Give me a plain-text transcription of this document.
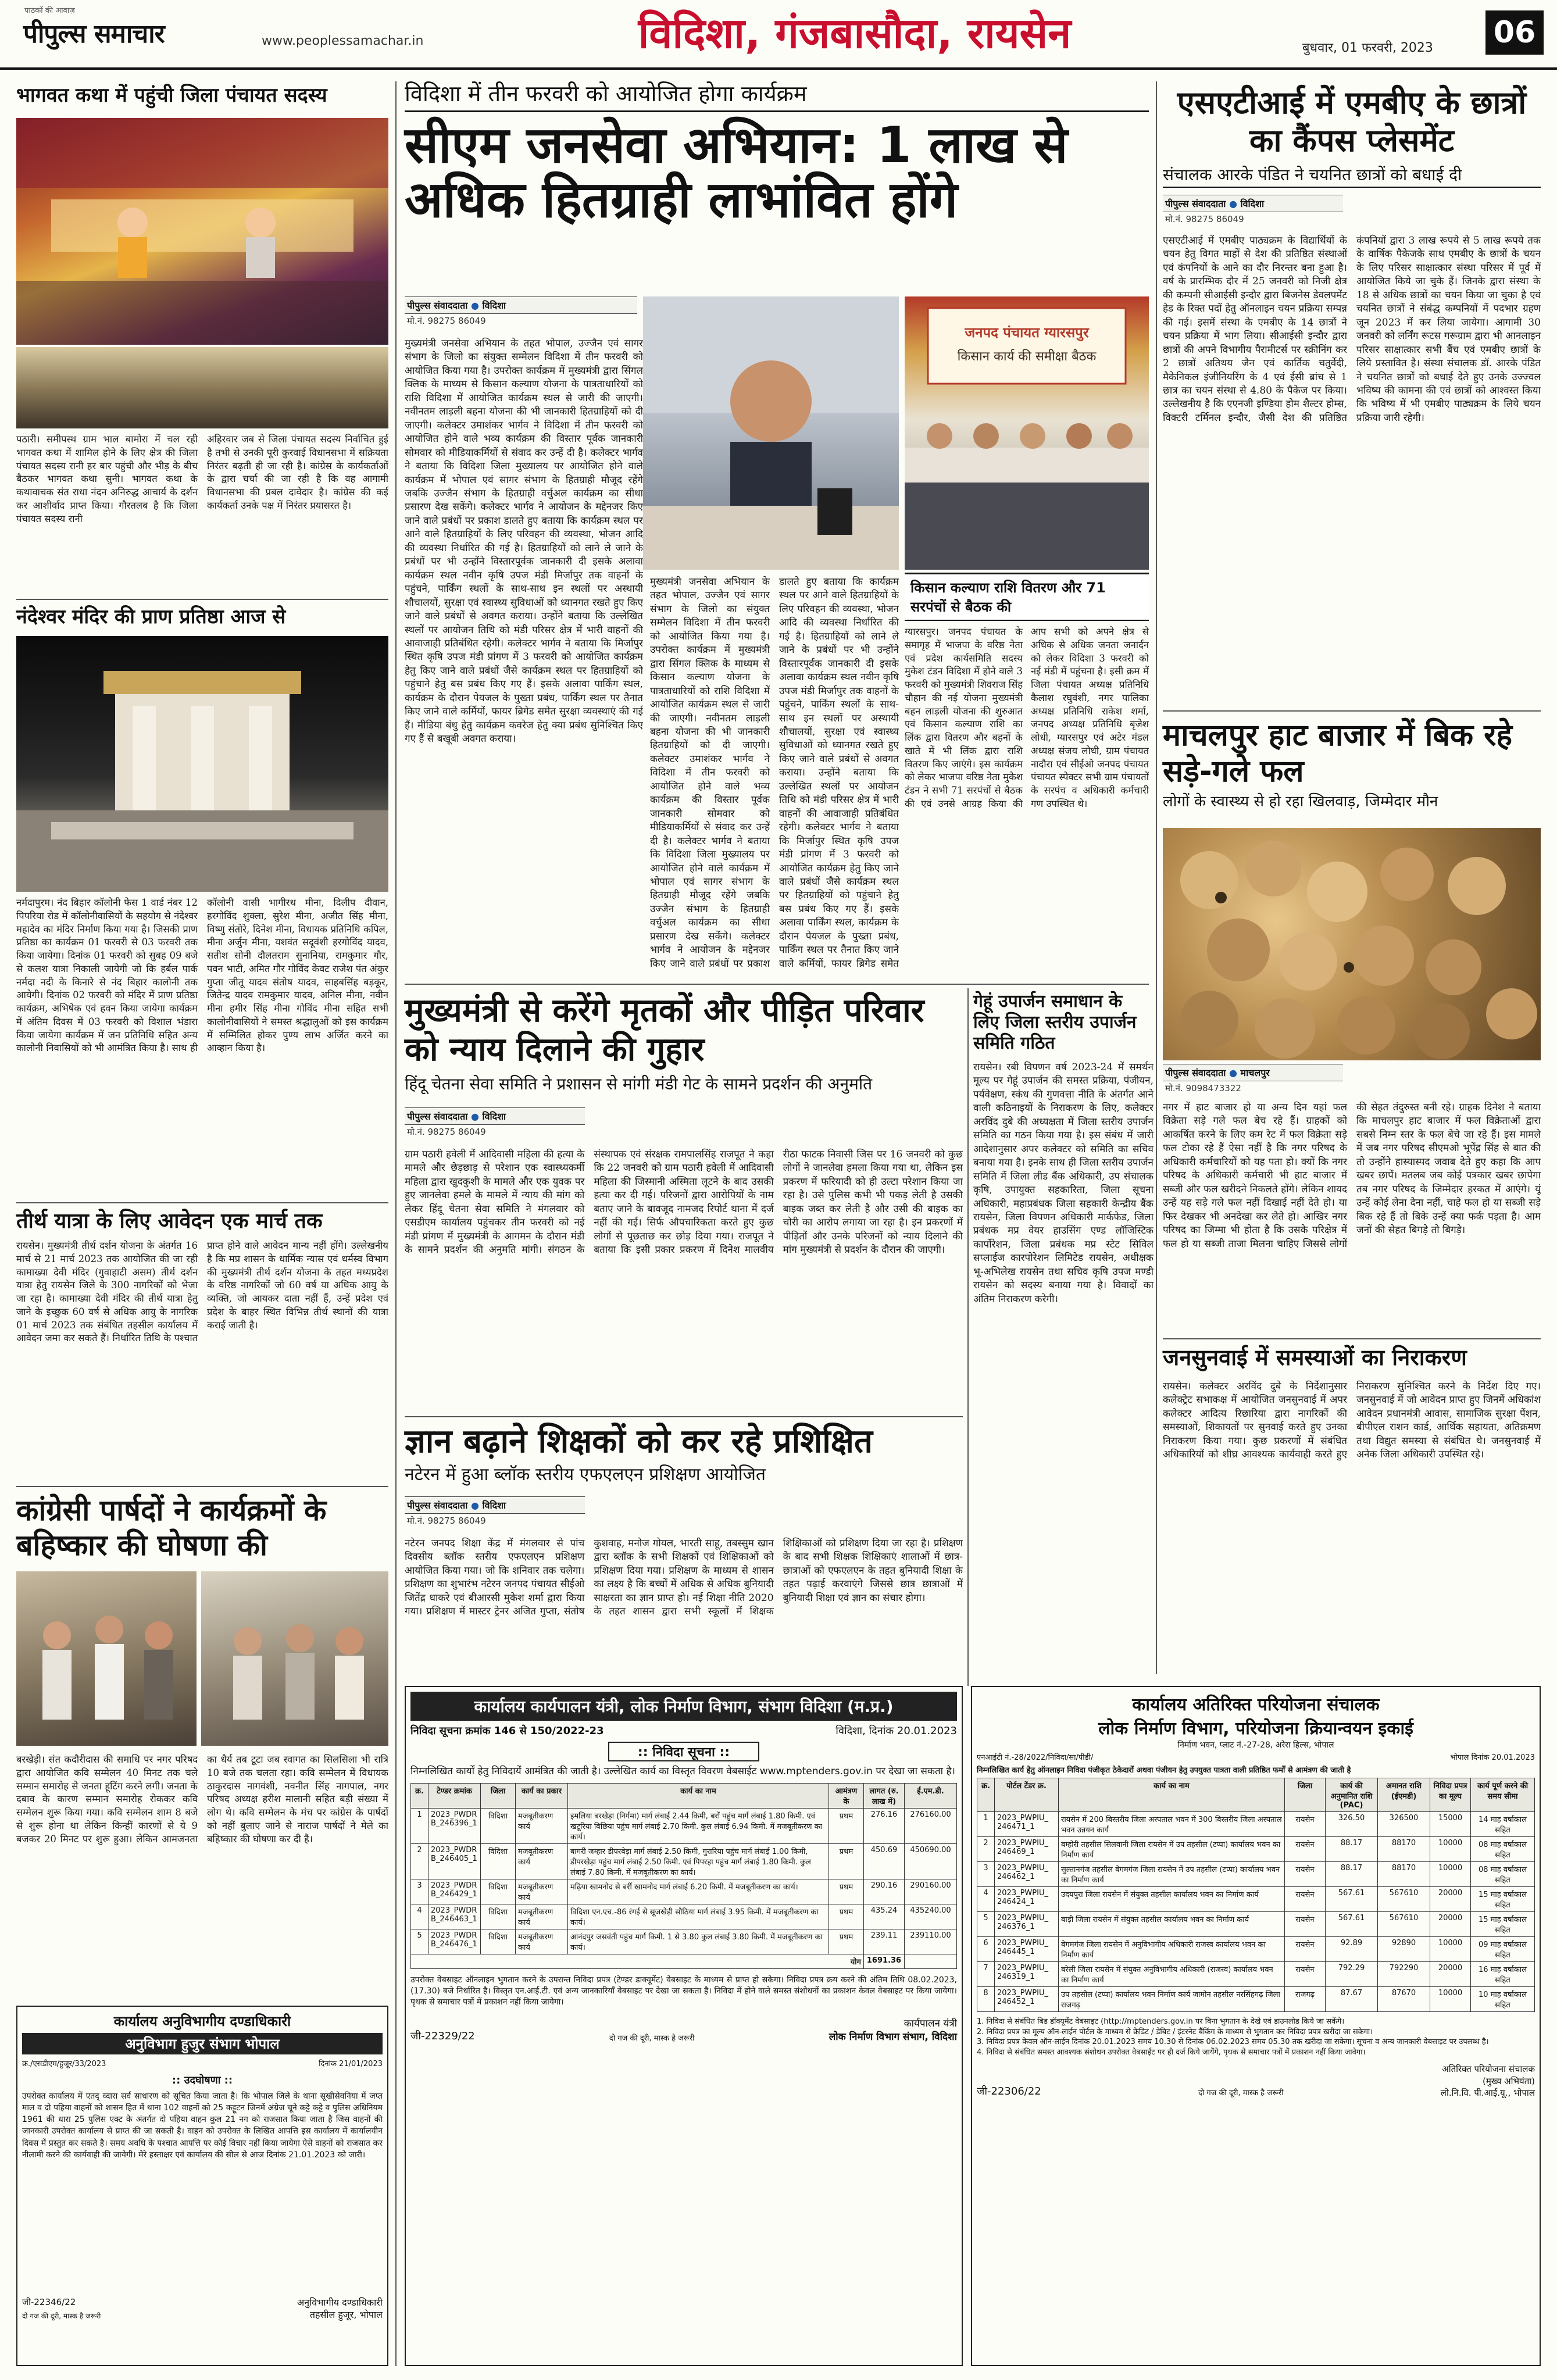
पीपुल्स समाचार
पाठकों की आवाज़
www.peoplessamachar.in	विदिशा, गंजबासौदा, रायसेन	बुधवार, 01 फरवरी, 2023 06
भागवत कथा में पहुंची जिला पंचायत सदस्य

पठारी। समीपस्थ ग्राम भाल बामोरा में चल रही भागवत कथा में शामिल होने के लिए क्षेत्र की जिला पंचायत सदस्य रानी हर बार पहुंची और भीड़ के बीच बैठकर भागवत कथा सुनी। भागवत कथा के कथावाचक संत राधा नंदन अनिरुद्ध आचार्य के दर्शन कर आशीर्वाद प्राप्त किया। गौरतलब है कि जिला पंचायत सदस्य रानी

अहिरवार जब से जिला पंचायत सदस्य निर्वाचित हुई है तभी से उनकी पूरी कुरवाई विधानसभा में सक्रियता निरंतर बढ़ती ही जा रही है। कांग्रेस के कार्यकर्ताओं के द्वारा चर्चा की जा रही है कि वह आगामी विधानसभा की प्रबल दावेदार है। कांग्रेस की कई कार्यकर्ता उनके पक्ष में निरंतर प्रयासरत है।

नंदेश्वर मंदिर की प्राण प्रतिष्ठा आज से

नर्मदापुरम। नंद बिहार कॉलोनी फेस 1 वार्ड नंबर 12 पिपरिया रोड में कॉलोनीवासियों के सहयोग से नंदेश्वर महादेव का मंदिर निर्माण किया गया है। जिसकी प्राण प्रतिष्ठा का कार्यक्रम 01 फरवरी से 03 फरवरी तक किया जायेगा। दिनांक 01 फरवरी को सुबह 09 बजे से कलश यात्रा निकाली जायेगी जो कि हर्बल पार्क नर्मदा नदी के किनारे से नंद बिहार कालोनी तक आयेगी। दिनांक 02 फरवरी को मंदिर में प्राण प्रतिष्ठा कार्यक्रम, अभिषेक एवं हवन किया जायेगा कार्यक्रम में अंतिम दिवस में 03 फरवरी को विशाल भंडारा किया जायेगा कार्यक्रम में जन प्रतिनिधि सहित अन्य कालोनी निवासियों को भी आमंत्रित किया है। साथ ही कॉलोनी वासी भागीरथ मीना, दिलीप दीवान, हरगोविंद शुक्ला, सुरेश मीना, अजीत सिंह मीना, विष्णु संतोरे, दिनेश मीना, विधायक प्रतिनिधि कपिल, मीना अर्जुन मीना, यशवंत सदूवंशी हरगोविंद यादव, सतीश सोनी दौलतराम सुनानिया, रामकुमार गौर, पवन भाटी, अमित गौर गोविंद केवट राजेश पंत अंकुर गुप्ता जीतू यादव संतोष यादव, साहबसिंह बड़कूर, जितेन्द्र यादव रामकुमार यादव, अनिल मीना, नवीन मीना हमीर सिंह मीना गोविंद मीना सहित सभी कालोनीवासियों ने समस्त श्रद्धालुओं को इस कार्यक्रम में सम्मिलित होकर पुण्य लाभ अर्जित करने का आव्हान किया है।

तीर्थ यात्रा के लिए आवेदन एक मार्च तक

रायसेन। मुख्यमंत्री तीर्थ दर्शन योजना के अंतर्गत 16 मार्च से 21 मार्च 2023 तक आयोजित की जा रही कामाख्या देवी मंदिर (गुवाहाटी असम) तीर्थ दर्शन यात्रा हेतु रायसेन जिले के 300 नागरिकों को भेजा जा रहा है। कामाख्या देवी मंदिर की तीर्थ यात्रा हेतु जाने के इच्छुक 60 वर्ष से अधिक आयु के नागरिक 01 मार्च 2023 तक संबंधित तहसील कार्यालय में आवेदन जमा कर सकते हैं। निर्धारित तिथि के पश्चात प्राप्त होने वाले आवेदन मान्य नहीं होंगे। उल्लेखनीय है कि मप्र शासन के धार्मिक न्यास एवं धर्मस्व विभाग की मुख्यमंत्री तीर्थ दर्शन योजना के तहत मध्यप्रदेश के वरिष्ठ नागरिकों जो 60 वर्ष या अधिक आयु के व्यक्ति, जो आयकर दाता नहीं हैं, उन्हें प्रदेश एवं प्रदेश के बाहर स्थित विभिन्न तीर्थ स्थानों की यात्रा कराई जाती है।

कांग्रेसी पार्षदों ने कार्यक्रमों के बहिष्कार की घोषणा की

बरखेड़ी। संत कदौरीदास की समाधि पर नगर परिषद द्वारा आयोजित कवि सम्मेलन 40 मिनट तक चले सम्मान समारोह से जनता हूटिंग करने लगी। जनता के दबाव के कारण सम्मान समारोह रोककर कवि सम्मेलन शुरू किया गया। कवि सम्मेलन शाम 8 बजे से शुरू होना था लेकिन किन्हीं कारणों से ये 9 बजकर 20 मिनट पर शुरू हुआ। लेकिन आमजनता का धैर्य तब टूटा जब स्वागत का सिलसिला भी रात्रि 10 बजे तक चलता रहा। कवि सम्मेलन में विधायक ठाकुरदास नागवंशी, नवनीत सिंह नागपाल, नगर परिषद अध्यक्ष हरीश मालानी सहित बड़ी संख्या में लोग थे। कवि सम्मेलन के मंच पर कांग्रेस के पार्षदों को नहीं बुलाए जाने से नाराज पार्षदों ने मेले का बहिष्कार की घोषणा कर दी है।

कार्यालय अनुविभागीय दण्डाधिकारी
अनुविभाग हुजुर संभाग भोपाल
क्र./एसडीएम/हुजूर/33/2023	दिनांक 21/01/2023
:: उदघोषणा ::
उपरोक्त कार्यालय में एतद् व्दारा सर्व साधारण को सूचित किया जाता है। कि भोपाल जिले के थाना सूखीसेवनिया में जप्त माल व दो पहिया वाहनों को शासन हित में थाना 102 वाहनों को 25 कट्टूटन जिनमें अंग्रेज चूने कट्टे कट्टे व पुलिस अधिनियम 1961 की धारा 25 पुलिस एक्ट के अंतर्गत दो पहिया वाहन कुल 21 नग को राजसात किया जाता है जिस वाहनों की जानकारी उपरोक्त कार्यालय से प्राप्त की जा सकती है। वाहन को उपरोक्त के लिखित आपत्ति इस कार्यालय में कार्यालयीन दिवस में प्रस्तुत कर सकते है। समय अवधि के पश्चात आपत्ति पर कोई विचार नहीं किया जायेगा ऐसे वाहनों को राजसात कर नीलामी करने की कार्यवाही की जायेगी। मेरे हस्ताक्षर एवं कार्यालय की सील से आज दिनांक 21.01.2023 को जारी।
जी-22346/22
दो गज की दूरी, मास्क है जरूरी
अनुविभागीय दण्डाधिकारी
तहसील हुजूर, भोपाल
विदिशा में तीन फरवरी को आयोजित होगा कार्यक्रम
सीएम जनसेवा अभियान: 1 लाख से अधिक हितग्राही लाभांवित होंगे
पीपुल्स संवाददाता ● विदिशा
मो.नं. 98275 86049
जनपद पंचायत ग्यारसपुर
किसान कार्य की समीक्षा बैठक

मुख्यमंत्री जनसेवा अभियान के तहत भोपाल, उज्जैन एवं सागर संभाग के जिलो का संयुक्त सम्मेलन विदिशा में तीन फरवरी को आयोजित किया गया है। उपरोक्त कार्यक्रम में मुख्यमंत्री द्वारा सिंगल क्लिक के माध्यम से किसान कल्याण योजना के पात्रताधारियों को राशि विदिशा में आयोजित कार्यक्रम स्थल से जारी की जाएगी। नवीनतम लाड़ली बहना योजना की भी जानकारी हितग्राहियों को दी जाएगी। कलेक्टर उमाशंकर भार्गव ने विदिशा में तीन फरवरी को आयोजित होने वाले भव्य कार्यक्रम की विस्तार पूर्वक जानकारी सोमवार को मीडियाकर्मियों से संवाद कर उन्हें दी है। कलेक्टर भार्गव ने बताया कि विदिशा जिला मुख्यालय पर आयोजित होने वाले कार्यक्रम में भोपाल एवं सागर संभाग के हितग्राही मौजूद रहेंगे जबकि उज्जैन संभाग के हितग्राही वर्चुअल कार्यक्रम का सीधा प्रसारण देख सकेंगे। कलेक्टर भार्गव ने आयोजन के मद्देनजर किए जाने वाले प्रबंधों पर प्रकाश डालते हुए बताया कि कार्यक्रम स्थल पर आने वाले हितग्राहियों के लिए परिवहन की व्यवस्था, भोजन आदि की व्यवस्था निर्धारित की गई है। हितग्राहियों को लाने ले जाने के प्रबंधों पर भी उन्होंने विस्तारपूर्वक जानकारी दी इसके अलावा कार्यक्रम स्थल नवीन कृषि उपज मंडी मिर्जापुर तक वाहनों के पहुंचने, पार्किंग स्थलों के साथ-साथ इन स्थलों पर अस्थायी शौचालयों, सुरक्षा एवं स्वास्थ्य सुविधाओं को ध्यानगत रखते हुए किए जाने वाले प्रबंधों से अवगत कराया। उन्होंने बताया कि उल्लेखित स्थलों पर आयोजन तिथि को मंडी परिसर क्षेत्र में भारी वाहनों की आवाजाही प्रतिबंधित रहेगी। कलेक्टर भार्गव ने बताया कि मिर्जापुर स्थित कृषि उपज मंडी प्रांगण में 3 फरवरी को आयोजित कार्यक्रम हेतु किए जाने वाले प्रबंधों जैसे कार्यक्रम स्थल पर हितग्राहियों को पहुंचाने हेतु बस प्रबंध किए गए हैं। इसके अलावा पार्किंग स्थल, कार्यक्रम के दौरान पेयजल के पुख्ता प्रबंध, पार्किंग स्थल पर तैनात किए जाने वाले कर्मियों, फायर ब्रिगेड समेत सुरक्षा व्यवस्थाएं की गई हैं। मीडिया बंधु हेतु कार्यक्रम कवरेज हेतु क्या प्रबंध सुनिश्चित किए गए हैं से बखूबी अवगत कराया।

मुख्यमंत्री जनसेवा अभियान के तहत भोपाल, उज्जैन एवं सागर संभाग के जिलो का संयुक्त सम्मेलन विदिशा में तीन फरवरी को आयोजित किया गया है। उपरोक्त कार्यक्रम में मुख्यमंत्री द्वारा सिंगल क्लिक के माध्यम से किसान कल्याण योजना के पात्रताधारियों को राशि विदिशा में आयोजित कार्यक्रम स्थल से जारी की जाएगी। नवीनतम लाड़ली बहना योजना की भी जानकारी हितग्राहियों को दी जाएगी। कलेक्टर उमाशंकर भार्गव ने विदिशा में तीन फरवरी को आयोजित होने वाले भव्य कार्यक्रम की विस्तार पूर्वक जानकारी सोमवार को मीडियाकर्मियों से संवाद कर उन्हें दी है। कलेक्टर भार्गव ने बताया कि विदिशा जिला मुख्यालय पर आयोजित होने वाले कार्यक्रम में भोपाल एवं सागर संभाग के हितग्राही मौजूद रहेंगे जबकि उज्जैन संभाग के हितग्राही वर्चुअल कार्यक्रम का सीधा प्रसारण देख सकेंगे। कलेक्टर भार्गव ने आयोजन के मद्देनजर किए जाने वाले प्रबंधों पर प्रकाश डालते हुए बताया कि कार्यक्रम स्थल पर आने वाले हितग्राहियों के लिए परिवहन की व्यवस्था, भोजन आदि की व्यवस्था निर्धारित की गई है। हितग्राहियों को लाने ले जाने के प्रबंधों पर भी उन्होंने विस्तारपूर्वक जानकारी दी इसके अलावा कार्यक्रम स्थल नवीन कृषि उपज मंडी मिर्जापुर तक वाहनों के पहुंचने, पार्किंग स्थलों के साथ-साथ इन स्थलों पर अस्थायी शौचालयों, सुरक्षा एवं स्वास्थ्य सुविधाओं को ध्यानगत रखते हुए किए जाने वाले प्रबंधों से अवगत कराया। उन्होंने बताया कि उल्लेखित स्थलों पर आयोजन तिथि को मंडी परिसर क्षेत्र में भारी वाहनों की आवाजाही प्रतिबंधित रहेगी। कलेक्टर भार्गव ने बताया कि मिर्जापुर स्थित कृषि उपज मंडी प्रांगण में 3 फरवरी को आयोजित कार्यक्रम हेतु किए जाने वाले प्रबंधों जैसे कार्यक्रम स्थल पर हितग्राहियों को पहुंचाने हेतु बस प्रबंध किए गए हैं। इसके अलावा पार्किंग स्थल, कार्यक्रम के दौरान पेयजल के पुख्ता प्रबंध, पार्किंग स्थल पर तैनात किए जाने वाले कर्मियों, फायर ब्रिगेड समेत

किसान कल्याण राशि वितरण और 71 सरपंचों से बैठक की

ग्यारसपुर। जनपद पंचायत के समागृह में भाजपा के वरिष्ठ नेता एवं प्रदेश कार्यसमिति सदस्य मुकेश टंडन विदिशा में होने वाले 3 फरवरी को मुख्यमंत्री शिवराज सिंह चौहान की नई योजना मुख्यमंत्री बहन लाड़ली योजना की शुरुआत एवं किसान कल्याण राशि का लिंक द्वारा वितरण और बहनों के खाते में भी लिंक द्वारा राशि वितरण किए जाएंगे। इस कार्यक्रम को लेकर भाजपा वरिष्ठ नेता मुकेश टंडन ने सभी 71 सरपंचों से बैठक की एवं उनसे आग्रह किया की आप सभी को अपने क्षेत्र से अधिक से अधिक जनता जनार्दन को लेकर विदिशा 3 फरवरी को नई मंडी में पहुंचना है। इसी क्रम में जिला पंचायत अध्यक्ष प्रतिनिधि कैलाश रघुवंशी, नगर पालिका अध्यक्ष प्रतिनिधि राकेश शर्मा, जनपद अध्यक्ष प्रतिनिधि बृजेश लोधी, ग्यारसपुर एवं अटेर मंडल अध्यक्ष संजय लोधी, ग्राम पंचायत नादौरा एवं सीईओ जनपद पंचायत पंचायत स्पेक्टर सभी ग्राम पंचायतों के सरपंच व अधिकारी कर्मचारी गण उपस्थित थे।

मुख्यमंत्री से करेंगे मृतकों और पीड़ित परिवार को न्याय दिलाने की गुहार
हिंदू चेतना सेवा समिति ने प्रशासन से मांगी मंडी गेट के सामने प्रदर्शन की अनुमति
पीपुल्स संवाददाता ● विदिशा
मो.नं. 98275 86049

ग्राम पठारी हवेली में आदिवासी महिला की हत्या के मामले और छेड़छाड़ से परेशान एक स्वास्थ्यकर्मी महिला द्वारा खुदकुशी के मामले और एक युवक पर हुए जानलेवा हमले के मामले में न्याय की मांग को लेकर हिंदू चेतना सेवा समिति ने मंगलवार को एसडीएम कार्यालय पहुंचकर तीन फरवरी को नई मंडी प्रांगण में मुख्यमंत्री के आगमन के दौरान मंडी के सामने प्रदर्शन की अनुमति मांगी। संगठन के संस्थापक एवं संरक्षक रामपालसिंह राजपूत ने कहा कि 22 जनवरी को ग्राम पठारी हवेली में आदिवासी महिला की जिस्मानी अस्मिता लूटने के बाद उसकी हत्या कर दी गई। परिजनों द्वारा आरोपियों के नाम बताए जाने के बावजूद नामजद रिपोर्ट थाना में दर्ज नहीं की गई। सिर्फ औपचारिकता करते हुए कुछ लोगों से पूछताछ कर छोड़ दिया गया। राजपूत ने बताया कि इसी प्रकार प्रकरण में दिनेश मालवीय रीठा फाटक निवासी जिस पर 16 जनवरी को कुछ लोगों ने जानलेवा हमला किया गया था, लेकिन इस प्रकरण में फरियादी को ही उल्टा परेशान किया जा रहा है। उसे पुलिस कभी भी पकड़ लेती है उसकी बाइक जब्त कर लेती है और उसी की बाइक का चोरी का आरोप लगाया जा रहा है। इन प्रकरणों में पीड़ितों और उनके परिजनों को न्याय दिलाने की मांग मुख्यमंत्री से प्रदर्शन के दौरान की जाएगी।

ज्ञान बढ़ाने शिक्षकों को कर रहे प्रशिक्षित
नटेरन में हुआ ब्लॉक स्तरीय एफएलएन प्रशिक्षण आयोजित
पीपुल्स संवाददाता ● विदिशा
मो.नं. 98275 86049

नटेरन जनपद शिक्षा केंद्र में मंगलवार से पांच दिवसीय ब्लॉक स्तरीय एफएलएन प्रशिक्षण आयोजित किया गया। जो कि शनिवार तक चलेगा। प्रशिक्षण का शुभारंभ नटेरन जनपद पंचायत सीईओ जितेंद्र धाकरे एवं बीआरसी मुकेश शर्मा द्वारा किया गया। प्रशिक्षण में मास्टर ट्रेनर अजित गुप्ता, संतोष कुशवाह, मनोज गोयल, भारती साहू, तबस्सुम खान द्वारा ब्लॉक के सभी शिक्षकों एवं शिक्षिकाओं को प्रशिक्षण दिया गया। प्रशिक्षण के माध्यम से शासन का लक्ष्य है कि बच्चों में अधिक से अधिक बुनियादी साक्षरता का ज्ञान प्राप्त हो। नई शिक्षा नीति 2020 के तहत शासन द्वारा सभी स्कूलों में शिक्षक शिक्षिकाओं को प्रशिक्षण दिया जा रहा है। प्रशिक्षण के बाद सभी शिक्षक शिक्षिकाएं शालाओं में छात्र-छात्राओं को एफएलएन के तहत बुनियादी शिक्षा के तहत पढ़ाई करवाएंगे जिससे छात्र छात्राओं में बुनियादी शिक्षा एवं ज्ञान का संचार होगा।

कार्यालय कार्यपालन यंत्री, लोक निर्माण विभाग, संभाग विदिशा (म.प्र.)
निविदा सूचना क्रमांक 146 से 150/2022-23	विदिशा, दिनांक 20.01.2023
:: निविदा सूचना ::
निम्नलिखित कार्यों हेतु निविदायें आमंत्रित की जाती है। उल्लेखित कार्य का विस्तृत विवरण वेबसाईट www.mptenders.gov.in पर देखा जा सकता है।
क्र.	टेण्डर क्रमांक	जिला	कार्य का प्रकार	कार्य का नाम	आमंत्रण के	लागत (रु. लाख में)	ई.एम.डी.
1	2023_PWDR B_246396_1	विदिशा	मजबूतीकरण कार्य	इमलिया बरखेड़ा (निर्गमा) मार्ग लंबाई 2.44 किमी, बरों पहुंच मार्ग लंबाई 1.80 किमी. एवं खटूरिया बिछिया पहुंच मार्ग लंबाई 2.70 किमी. कुल लंबाई 6.94 किमी. में मजबूतीकरण का कार्य।	प्रथम	276.16	276160.00
2	2023_PWDR B_246405_1	विदिशा	मजबूतीकरण कार्य	बागरी जम्हार डीपरबेड़ा मार्ग लंबाई 2.50 किमी, गुरारिया पहुंच मार्ग लंबाई 1.00 किमी, डीपरखेड़ा पहुंच मार्ग लंबाई 2.50 किमी. एवं पिपरहा पहुंच मार्ग लंबाई 1.80 किमी. कुल लंबाई 7.80 किमी. में मजबूतीकरण का कार्य।	प्रथम	450.69	450690.00
3	2023_PWDR B_246429_1	विदिशा	मजबूतीकरण कार्य	मढ़िया खामनोद से बर्री खामनोद मार्ग लंबाई 6.20 किमी. में मजबूतीकरण का कार्य।	प्रथम	290.16	290160.00
4	2023_PWDR B_246463_1	विदिशा	मजबूतीकरण कार्य	विदिशा एन.एच.-86 रंगई से सूजखेड़ी सौठिया मार्ग लंबाई 3.95 किमी. में मजबूतीकरण का कार्य।	प्रथम	435.24	435240.00
5	2023_PWDR B_246476_1	विदिशा	मजबूतीकरण कार्य	आनंदपुर जसवंती पहुंच मार्ग किमी. 1 से 3.80 कुल लंबाई 3.80 किमी. में मजबूतीकरण का कार्य।	प्रथम	239.11	239110.00
योग						1691.36	
उपरोक्त वेबसाइट ऑनलाइन भुगतान करने के उपरान्त निविदा प्रपत्र (टेण्डर डाक्यूमेंट) वेबसाइट के माध्यम से प्राप्त हो सकेगा। निविदा प्रपत्र क्रय करने की अंतिम तिथि 08.02.2023, (17.30) बजे निर्धारित है। विस्तृत एन.आई.टी. एवं अन्य जानकारियाँ वेबसाइट पर देखा जा सकता है। निविदा में होने वाले समस्त संशोधनों का प्रकाशन केवल वेबसाइट पर किया जायेगा। पृथक से समाचार पत्रों में प्रकाशन नहीं किया जायेगा।
जी-22329/22	दो गज की दूरी, मास्क है जरूरी
कार्यपालन यंत्री
लोक निर्माण विभाग संभाग, विदिशा
गेहूं उपार्जन समाधान के लिए जिला स्तरीय उपार्जन समिति गठित

रायसेन। रबी विपणन वर्ष 2023-24 में समर्थन मूल्य पर गेहूं उपार्जन की समस्त प्रक्रिया, पंजीयन, पर्यवेक्षण, स्कंध की गुणवत्ता नीति के अंतर्गत आने वाली कठिनाइयों के निराकरण के लिए, कलेक्टर अरविंद दुबे की अध्यक्षता में जिला स्तरीय उपार्जन समिति का गठन किया गया है। इस संबंध में जारी आदेशानुसार अपर कलेक्टर को समिति का सचिव बनाया गया है। इनके साथ ही जिला स्तरीय उपार्जन समिति में जिला लीड बैंक अधिकारी, उप संचालक कृषि, उपायुक्त सहकारिता, जिला सूचना अधिकारी, महाप्रबंधक जिला सहकारी केन्द्रीय बैंक रायसेन, जिला विपणन अधिकारी मार्कफेड, जिला प्रबंधक मप्र वेयर हाउसिंग एण्ड लॉजिस्टिक कार्पोरेशन, जिला प्रबंधक मप्र स्टेट सिविल सप्लाईज कारपोरेशन लिमिटेड रायसेन, अधीक्षक भू-अभिलेख रायसेन तथा सचिव कृषि उपज मण्डी रायसेन को सदस्य बनाया गया है। विवादों का अंतिम निराकरण करेगी।

एसएटीआई में एमबीए के छात्रों का कैंपस प्लेसमेंट
संचालक आरके पंडित ने चयनित छात्रों को बधाई दी
पीपुल्स संवाददाता ● विदिशा
मो.नं. 98275 86049

एसएटीआई में एमबीए पाठ्यक्रम के विद्यार्थियों के चयन हेतु विगत माहों से देश की प्रतिष्ठित संस्थाओं एवं कंपनियों के आने का दौर निरन्तर बना हुआ है। वर्ष के प्रारम्भिक दौर में 25 जनवरी को निजी क्षेत्र की कम्पनी सीआईसी इन्दौर द्वारा बिजनेस डेवलपमेंट हेड के रिक्त पदों हेतु ऑनलाइन चयन प्रक्रिया सम्पन्न की गई। इसमें संस्था के एमबीए के 14 छात्रों ने चयन प्रक्रिया में भाग लिया। सीआईसी इन्दौर द्वारा छात्रों की अपने विभागीय पैरामीटर्स पर स्क्रीनिंग कर 2 छात्रों अतिथय जैन एवं कार्तिक चतुर्वेदी, मैकेनिकल इंजीनियरिंग के 4 एवं ईसी ब्रांच से 1 छात्र का चयन संस्था से 4.80 के पैकेज पर किया। उल्लेखनीय है कि एएनजी इण्डिया होम शैल्टर होम्स, विक्टरी टर्मिनल इन्दौर, जैसी देश की प्रतिष्ठित कंपनियों द्वारा 3 लाख रूपये से 5 लाख रूपये तक के वार्षिक पैकेजके साथ एमबीए के छात्रों के चयन के लिए परिसर साक्षात्कार संस्था परिसर में पूर्व में आयोजित किये जा चुके हैं। जिनके द्वारा संस्था के 18 से अधिक छात्रों का चयन किया जा चुका है एवं चयनित छात्रों ने संबंद्ध कम्पनियों में पदभार ग्रहण जून 2023 में कर लिया जायेगा। आगामी 30 जनवरी को लर्निंग रूटस गरूग्राम द्वारा भी आनलाइन परिसर साक्षात्कार सभी बैंच एवं एमबीए छात्रों के लिये प्रस्तावित है। संस्था संचालक डॉ. आरके पंडित ने चयनित छात्रों को बधाई देते हुए उनके उज्ज्वल भविष्य की कामना की एवं छात्रों को आश्वस्त किया कि भविष्य में भी एमबीए पाठ्यक्रम के लिये चयन प्रक्रिया जारी रहेगी।

माचलपुर हाट बाजार में बिक रहे सड़े-गले फल
लोगों के स्वास्थ्य से हो रहा खिलवाड़, जिम्मेदार मौन
पीपुल्स संवाददाता ● माचलपुर
मो.नं. 9098473322

नगर में हाट बाजार हो या अन्य दिन यहां फल विक्रेता सड़े गले फल बेच रहे हैं। ग्राहकों को आकर्षित करने के लिए कम रेट में फल विक्रेता सड़े फल टोका रहे हैं ऐसा नहीं है कि नगर परिषद के अधिकारी कर्मचारियों को यह पता हो। क्यों कि नगर परिषद के अधिकारी कर्मचारी भी हाट बाजार में सब्जी और फल खरीदने निकलते होंगे। लेकिन शायद उन्हें यह सड़े गले फल नहीं दिखाई नहीं देते हो। या फिर देखकर भी अनदेखा कर लेते हो। आखिर नगर परिषद का जिम्मा भी होता है कि उसके परिक्षेत्र में फल हो या सब्जी ताजा मिलना चाहिए जिससे लोगों की सेहत तंदुरुस्त बनी रहे। ग्राहक दिनेश ने बताया कि माचलपुर हाट बाजार में फल विक्रेताओं द्वारा सबसे निम्न स्तर के फल बेचे जा रहे हैं। इस मामले में जब नगर परिषद सीएमओ भूपेंद्र सिंह से बात की तो उन्होंने हास्यास्पद जवाब देते हुए कहा कि आप खबर छापें। मतलब जब कोई पत्रकार खबर छापेगा तब नगर परिषद के जिम्मेदार हरकत में आएंगे। यूं उन्हें कोई लेना देना नहीं, चाहे फल हो या सब्जी सड़े बिक रहे हैं तो बिके उन्हें क्या फर्क पड़ता है। आम जनों की सेहत बिगड़े तो बिगड़े।

जनसुनवाई में समस्याओं का निराकरण

रायसेन। कलेक्टर अरविंद दुबे के निर्देशानुसार कलेक्ट्रेट सभाकक्ष में आयोजित जनसुनवाई में अपर कलेक्टर आदित्य रिछारिया द्वारा नागरिकों की समस्याओं, शिकायतों पर सुनवाई करते हुए उनका निराकरण किया गया। कुछ प्रकरणों में संबंधित अधिकारियों को शीघ्र आवश्यक कार्यवाही करते हुए निराकरण सुनिश्चित करने के निर्देश दिए गए। जनसुनवाई में जो आवेदन प्राप्त हुए जिनमें अधिकांश आवेदन प्रधानमंत्री आवास, सामाजिक सुरक्षा पेंशन, बीपीएल राशन कार्ड, आर्थिक सहायता, अतिक्रमण तथा विद्युत समस्या से संबंधित थे। जनसुनवाई में अनेक जिला अधिकारी उपस्थित रहे।

कार्यालय अतिरिक्त परियोजना संचालक
लोक निर्माण विभाग, परियोजना क्रियान्वयन इकाई
निर्माण भवन, प्लाट नं.-27-28, अरेरा हिल्स, भोपाल
एनआईटी नं.-28/2022/निविदा/सा/पीडी/	भोपाल दिनांक 20.01.2023
निम्नलिखित कार्य हेतु ऑनलाइन निविदा पंजीकृत ठेकेदारों अथवा पंजीयन हेतु उपयुक्त पात्रता वाली प्रतिष्ठित फर्मों से आमंत्रण की जाती है
क्र.	पोर्टल टेंडर क्र.	कार्य का नाम	जिला	कार्य की अनुमानित राशि (PAC)	अमानत राशि (ईएमडी)	निविदा प्रपत्र का मूल्य	कार्य पूर्ण करने की समय सीमा
1	2023_PWPIU_ 246471_1	रायसेन में 200 बिस्तरीय जिला अस्पताल भवन में 300 बिस्तरीय जिला अस्पताल भवन उन्नयन कार्य	रायसेन	326.50	326500	15000	14 माह वर्षाकाल सहित
2	2023_PWPIU_ 246469_1	बम्होरी तहसील सिलवानी जिला रायसेन में उप तहसील (टप्पा) कार्यालय भवन का निर्माण कार्य	रायसेन	88.17	88170	10000	08 माह वर्षाकाल सहित
3	2023_PWPIU_ 246462_1	सुल्तानगंज तहसील बेगमगंज जिला रायसेन में उप तहसील (टप्पा) कार्यालय भवन का निर्माण कार्य	रायसेन	88.17	88170	10000	08 माह वर्षाकाल सहित
4	2023_PWPIU_ 246424_1	उदयपुरा जिला रायसेन में संयुक्त तहसील कार्यालय भवन का निर्माण कार्य	रायसेन	567.61	567610	20000	15 माह वर्षाकाल सहित
5	2023_PWPIU_ 246376_1	बाड़ी जिला रायसेन में संयुक्त तहसील कार्यालय भवन का निर्माण कार्य	रायसेन	567.61	567610	20000	15 माह वर्षाकाल सहित
6	2023_PWPIU_ 246445_1	बेगमगंज जिला रायसेन में अनुविभागीय अधिकारी राजस्व कार्यालय भवन का निर्माण कार्य	रायसेन	92.89	92890	10000	09 माह वर्षाकाल सहित
7	2023_PWPIU_ 246319_1	बरेली जिला रायसेन में संयुक्त अनुविभागीय अधिकारी (राजस्व) कार्यालय भवन का निर्माण कार्य	रायसेन	792.29	792290	20000	16 माह वर्षाकाल सहित
8	2023_PWPIU_ 246452_1	उप तहसील (टप्पा) कार्यालय भवन निर्माण कार्य जामोन तहसील नरसिंहगढ़ जिला राजगढ़	राजगढ़	87.67	87670	10000	10 माह वर्षाकाल सहित
1. निविदा से संबंधित बिड डॉक्यूमेंट वेबसाइट (http://mptenders.gov.in पर बिना भुगतान के देखे एवं डाउनलोड किये जा सकेंगे।
2. निविदा प्रपत्र का मूल्य ऑन-लाईन पोर्टल के माध्यम से क्रेडिट / डेबिट / इंटरनेट बैंकिंग के माध्यम से भुगतान कर निविदा प्रपत्र खरीदा जा सकेगा।
3. निविदा प्रपत्र केवल ऑन-लाईन दिनांक 20.01.2023 समय 10.30 से दिनांक 06.02.2023 समय 05.30 तक खरीदा जा सकेगा। सूचना व अन्य जानकारी वेबसाइट पर उपलब्ध है।
4. निविदा से संबंधित समस्त आवश्यक संशोधन उपरोक्त वेबसाईट पर ही दर्ज किये जायेंगे, पृथक से समाचार पत्रों में प्रकाशन नहीं किया जावेगा।
जी-22306/22	दो गज की दूरी, मास्क है जरूरी
अतिरिक्त परियोजना संचालक
(मुख्य अभियंता)
लो.नि.वि. पी.आई.यू., भोपाल
